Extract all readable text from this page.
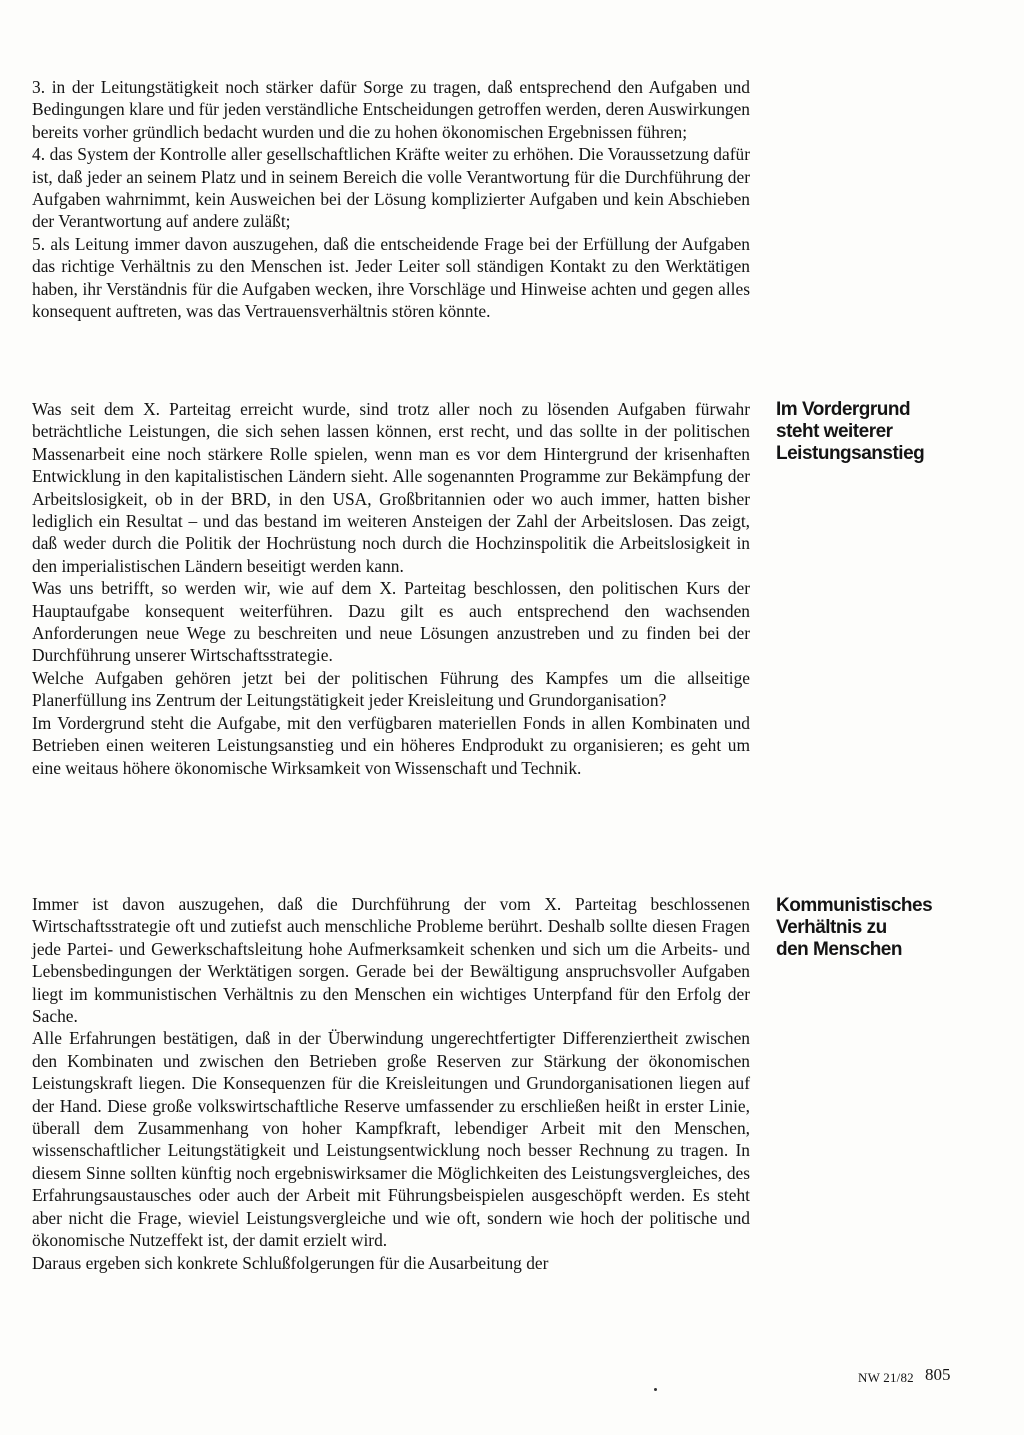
3. in der Leitungstätigkeit noch stärker dafür Sorge zu tragen, daß entsprechend den Aufgaben und Bedingungen klare und für jeden verständliche Entscheidungen getroffen werden, deren Auswirkungen bereits vorher gründlich bedacht wurden und die zu hohen ökonomischen Ergebnissen führen;

4. das System der Kontrolle aller gesellschaftlichen Kräfte weiter zu erhöhen. Die Voraussetzung dafür ist, daß jeder an seinem Platz und in seinem Bereich die volle Verantwortung für die Durchführung der Aufgaben wahrnimmt, kein Ausweichen bei der Lösung komplizierter Aufgaben und kein Abschieben der Verantwortung auf andere zuläßt;

5. als Leitung immer davon auszugehen, daß die entscheidende Frage bei der Erfüllung der Aufgaben das richtige Verhältnis zu den Menschen ist. Jeder Leiter soll ständigen Kontakt zu den Werktätigen haben, ihr Verständnis für die Aufgaben wecken, ihre Vorschläge und Hinweise achten und gegen alles konsequent auftreten, was das Vertrauensverhältnis stören könnte.

Im Vordergrund
steht weiterer
Leistungsanstieg

Was seit dem X. Parteitag erreicht wurde, sind trotz aller noch zu lösenden Aufgaben fürwahr beträchtliche Leistungen, die sich sehen lassen können, erst recht, und das sollte in der politischen Massenarbeit eine noch stärkere Rolle spielen, wenn man es vor dem Hintergrund der krisenhaften Entwicklung in den kapitalistischen Ländern sieht. Alle sogenannten Programme zur Bekämpfung der Arbeitslosigkeit, ob in der BRD, in den USA, Großbritannien oder wo auch immer, hatten bisher lediglich ein Resultat – und das bestand im weiteren Ansteigen der Zahl der Arbeitslosen. Das zeigt, daß weder durch die Politik der Hochrüstung noch durch die Hochzinspolitik die Arbeitslosigkeit in den imperialistischen Ländern beseitigt werden kann.

Was uns betrifft, so werden wir, wie auf dem X. Parteitag beschlossen, den politischen Kurs der Hauptaufgabe konsequent weiterführen. Dazu gilt es auch entsprechend den wachsenden Anforderungen neue Wege zu beschreiten und neue Lösungen anzustreben und zu finden bei der Durchführung unserer Wirtschaftsstrategie.

Welche Aufgaben gehören jetzt bei der politischen Führung des Kampfes um die allseitige Planerfüllung ins Zentrum der Leitungstätigkeit jeder Kreisleitung und Grundorganisation?

Im Vordergrund steht die Aufgabe, mit den verfügbaren materiellen Fonds in allen Kombinaten und Betrieben einen weiteren Leistungsanstieg und ein höheres Endprodukt zu organisieren; es geht um eine weitaus höhere ökonomische Wirksamkeit von Wissenschaft und Technik.

Kommunistisches
Verhältnis zu
den Menschen

Immer ist davon auszugehen, daß die Durchführung der vom X. Parteitag beschlossenen Wirtschaftsstrategie oft und zutiefst auch menschliche Probleme berührt. Deshalb sollte diesen Fragen jede Partei- und Gewerkschaftsleitung hohe Aufmerksamkeit schenken und sich um die Arbeits- und Lebensbedingungen der Werktätigen sorgen. Gerade bei der Bewältigung anspruchsvoller Aufgaben liegt im kommunistischen Verhältnis zu den Menschen ein wichtiges Unterpfand für den Erfolg der Sache.

Alle Erfahrungen bestätigen, daß in der Überwindung ungerechtfertigter Differenziertheit zwischen den Kombinaten und zwischen den Betrieben große Reserven zur Stärkung der ökonomischen Leistungskraft liegen. Die Konsequenzen für die Kreisleitungen und Grundorganisationen liegen auf der Hand. Diese große volkswirtschaftliche Reserve umfassender zu erschließen heißt in erster Linie, überall dem Zusammenhang von hoher Kampfkraft, lebendiger Arbeit mit den Menschen, wissenschaftlicher Leitungstätigkeit und Leistungsentwicklung noch besser Rechnung zu tragen. In diesem Sinne sollten künftig noch ergebniswirksamer die Möglichkeiten des Leistungsvergleiches, des Erfahrungsaustausches oder auch der Arbeit mit Führungsbeispielen ausgeschöpft werden. Es steht aber nicht die Frage, wieviel Leistungsvergleiche und wie oft, sondern wie hoch der politische und ökonomische Nutzeffekt ist, der damit erzielt wird.

Daraus ergeben sich konkrete Schlußfolgerungen für die Ausarbeitung der

NW 21/82 805
